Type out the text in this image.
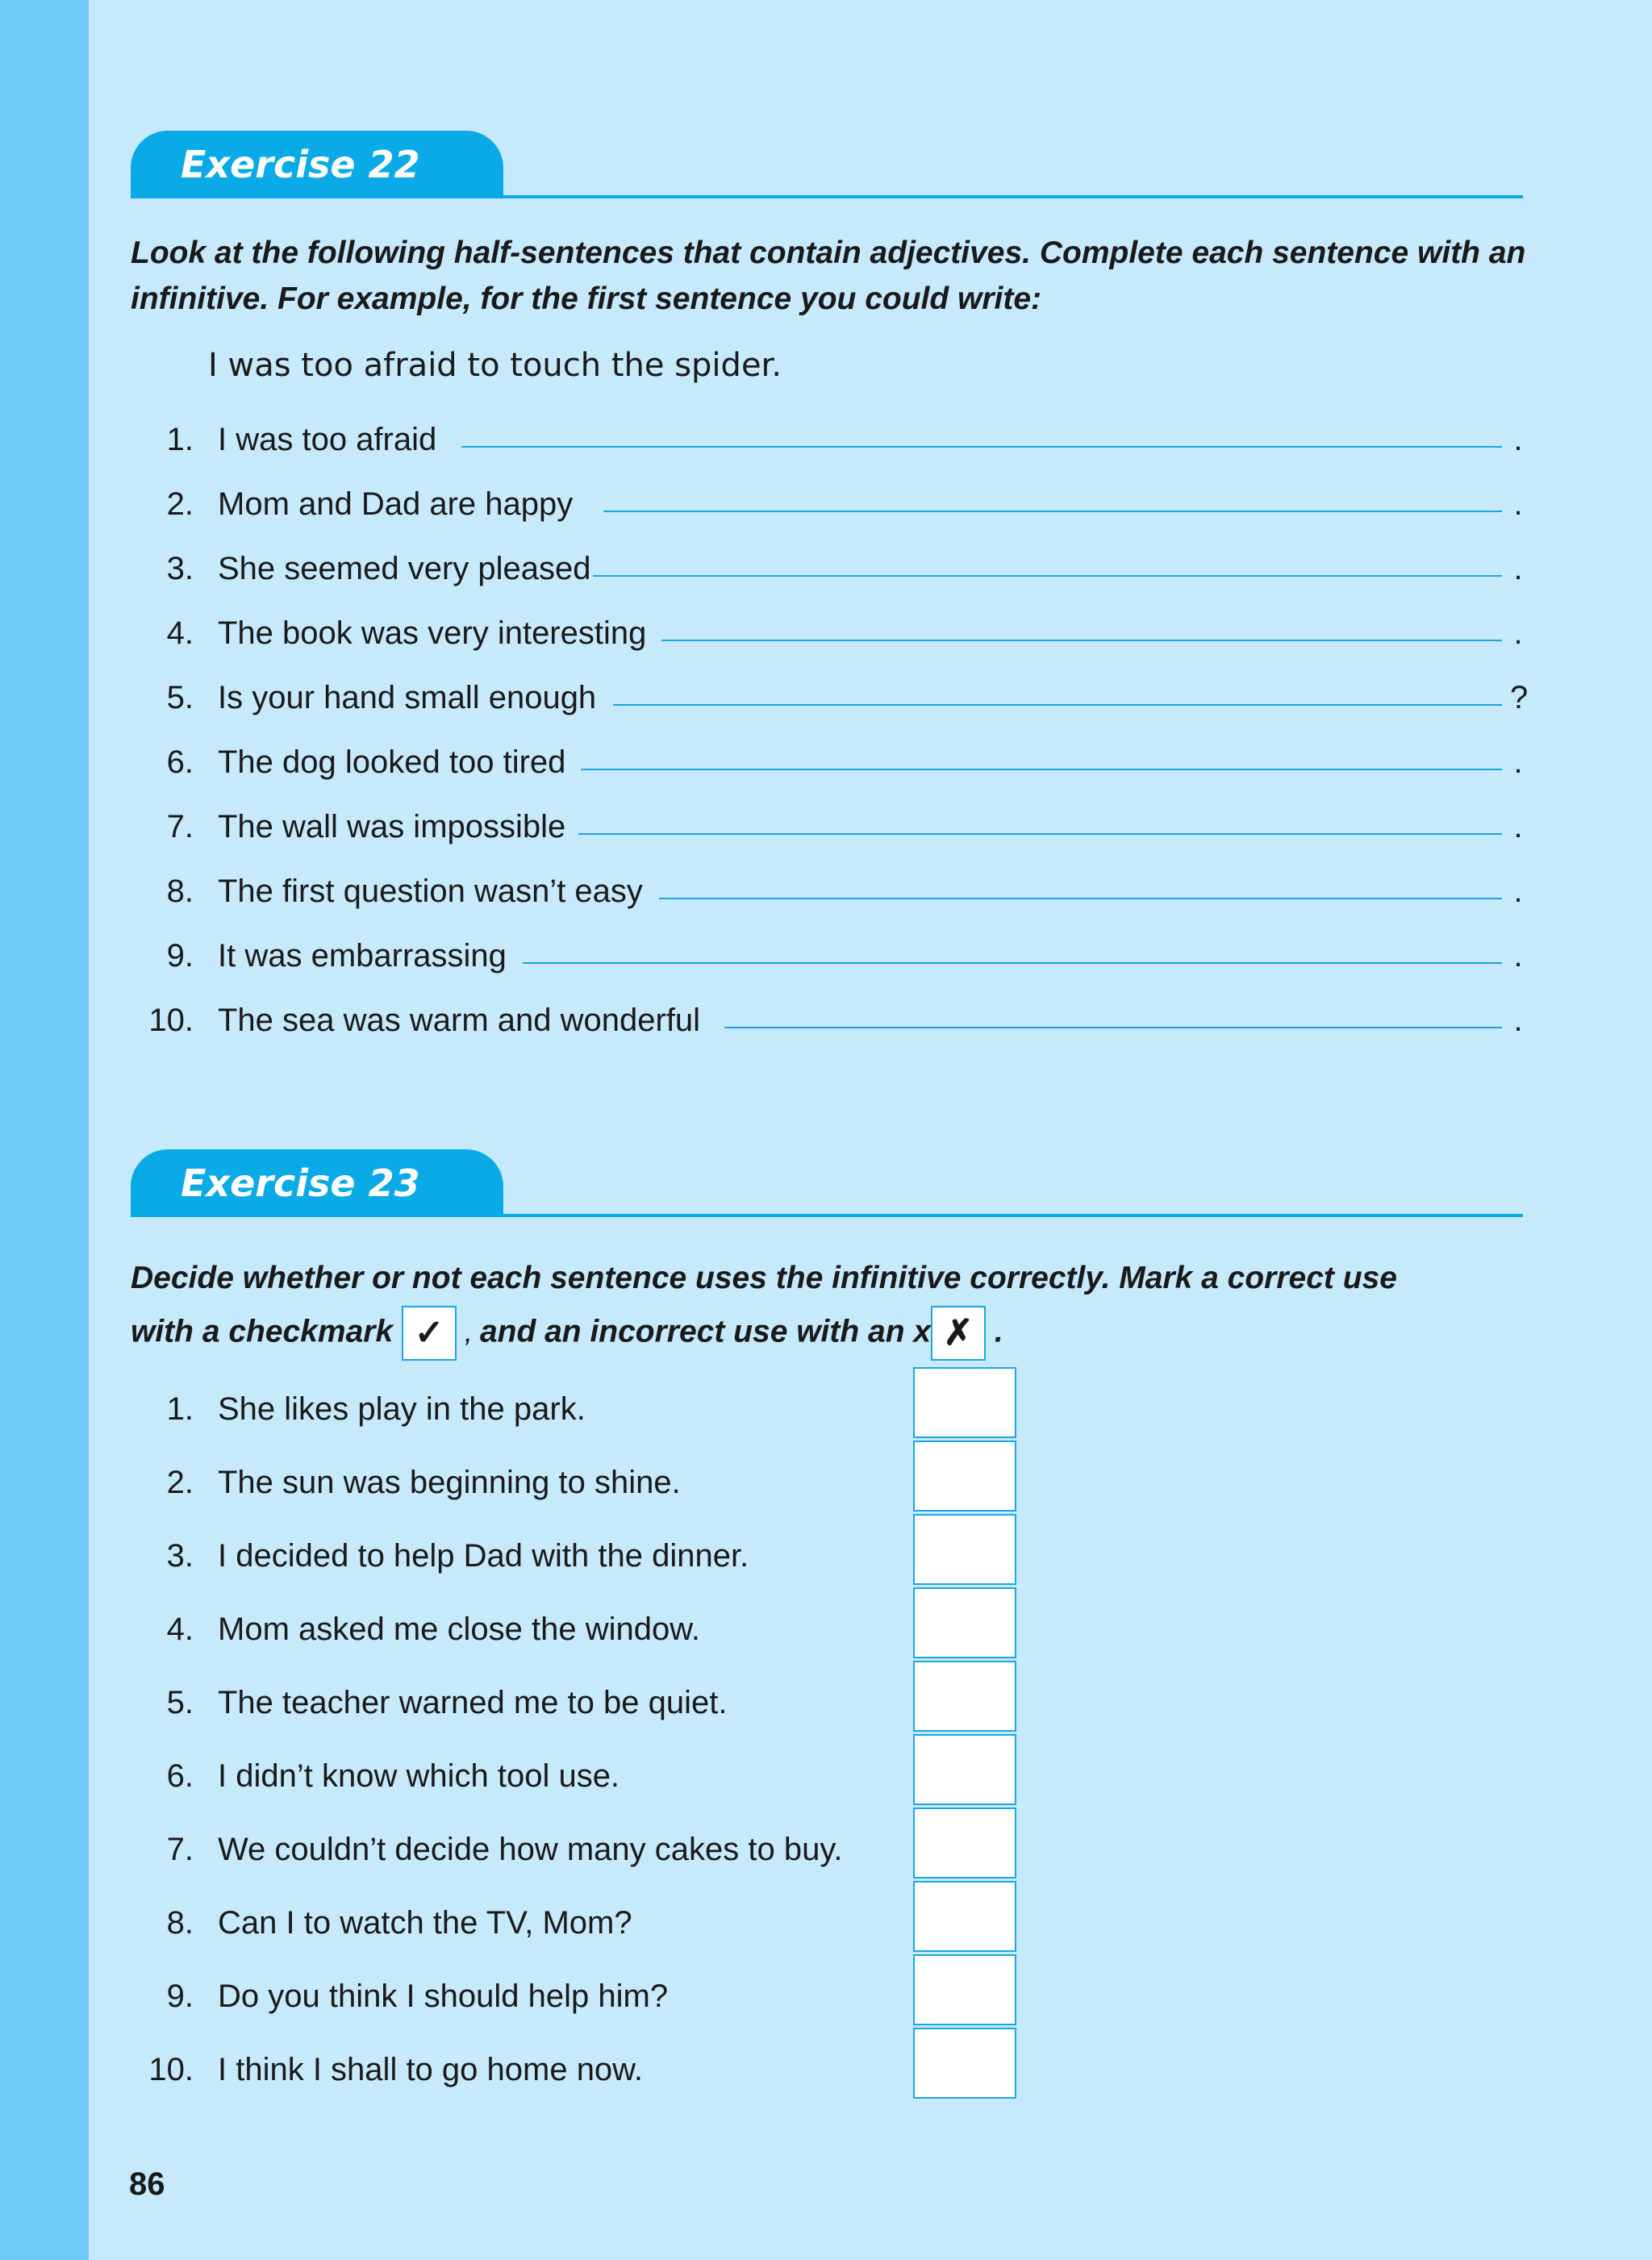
Exercise 22
Look at the following half-sentences that contain adjectives. Complete each sentence with an infinitive. For example, for the first sentence you could write:
I was too afraid to touch the spider.
1. I was too afraid	.
2. Mom and Dad are happy	.
3. She seemed very pleased	.
4. The book was very interesting	.
5. Is your hand small enough	?
6. The dog looked too tired	.
7. The wall was impossible	.
8. The first question wasn’t easy	.
9. It was embarrassing	.
10. The sea was warm and wonderful	.
Exercise 23
Decide whether or not each sentence uses the infinitive correctly. Mark a correct use
with a checkmark ✓ , and an incorrect use with an x ✗ .
1. She likes play in the park.
2. The sun was beginning to shine.
3. I decided to help Dad with the dinner.
4. Mom asked me close the window.
5. The teacher warned me to be quiet.
6. I didn’t know which tool use.
7. We couldn’t decide how many cakes to buy.
8. Can I to watch the TV, Mom?
9. Do you think I should help him?
10. I think I shall to go home now.
86
